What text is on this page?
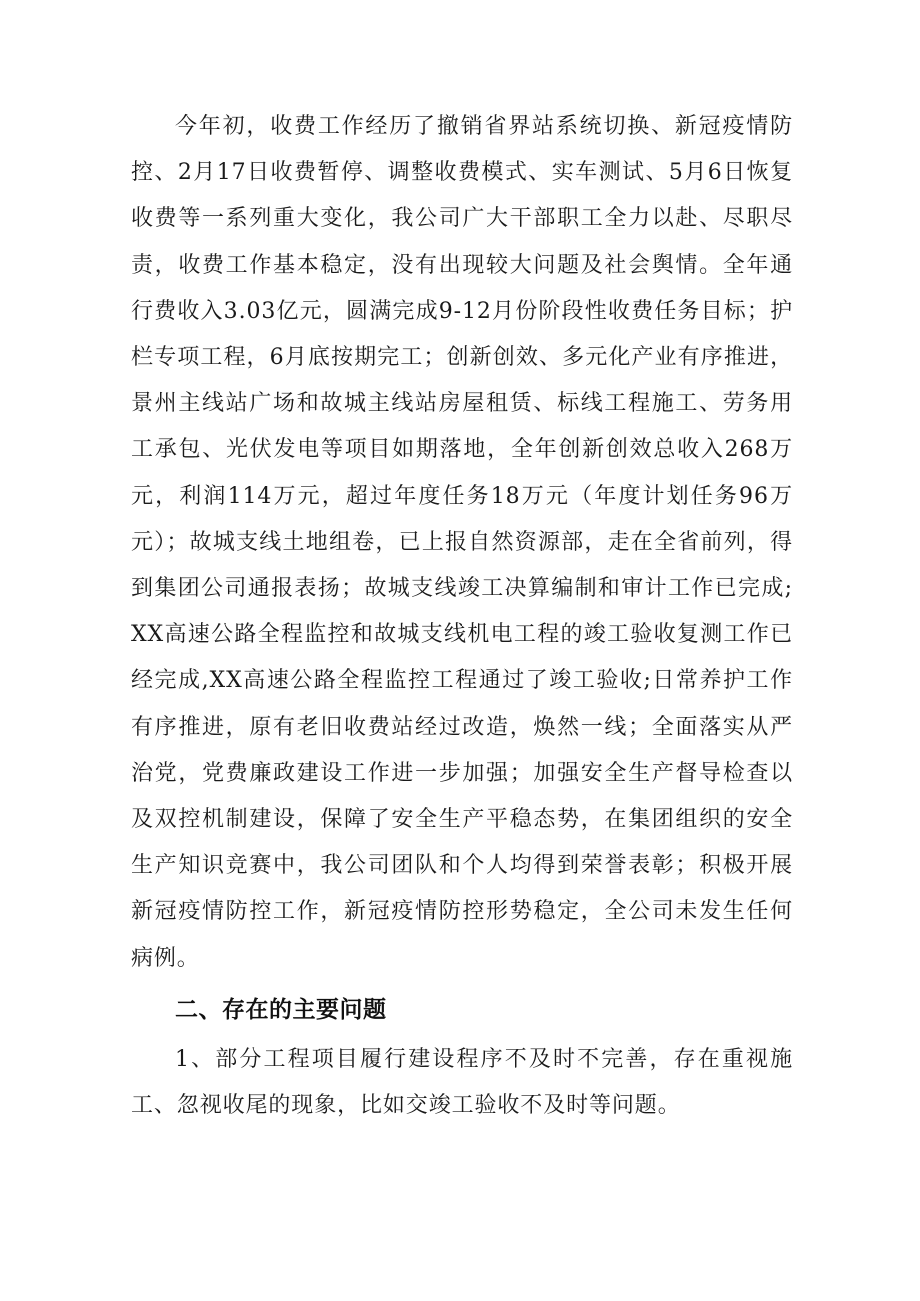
今年初，收费工作经历了撤销省界站系统切换、新冠疫情防控、2月17日收费暂停、调整收费模式、实车测试、5月6日恢复收费等一系列重大变化，我公司广大干部职工全力以赴、尽职尽责，收费工作基本稳定，没有出现较大问题及社会舆情。全年通行费收入3.03亿元，圆满完成9-12月份阶段性收费任务目标；护栏专项工程，6月底按期完工；创新创效、多元化产业有序推进，景州主线站广场和故城主线站房屋租赁、标线工程施工、劳务用工承包、光伏发电等项目如期落地，全年创新创效总收入268万元，利润114万元，超过年度任务18万元（年度计划任务96万元）；故城支线土地组卷，已上报自然资源部，走在全省前列，得到集团公司通报表扬；故城支线竣工决算编制和审计工作已完成;XX高速公路全程监控和故城支线机电工程的竣工验收复测工作已经完成,XX高速公路全程监控工程通过了竣工验收;日常养护工作有序推进，原有老旧收费站经过改造，焕然一线；全面落实从严治党，党费廉政建设工作进一步加强；加强安全生产督导检查以及双控机制建设，保障了安全生产平稳态势，在集团组织的安全生产知识竞赛中，我公司团队和个人均得到荣誉表彰；积极开展新冠疫情防控工作，新冠疫情防控形势稳定，全公司未发生任何病例。

二、存在的主要问题

1、部分工程项目履行建设程序不及时不完善，存在重视施工、忽视收尾的现象，比如交竣工验收不及时等问题。
